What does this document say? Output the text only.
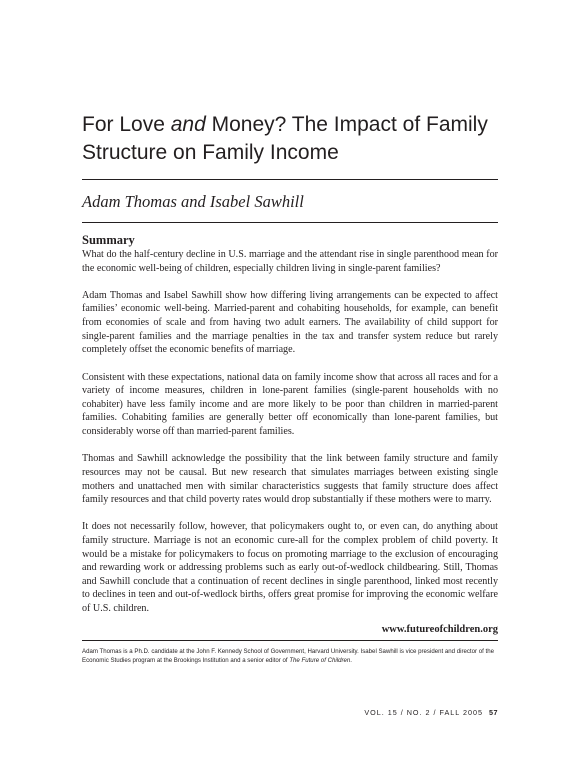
For Love and Money? The Impact of Family Structure on Family Income

Adam Thomas and Isabel Sawhill

Summary

What do the half-century decline in U.S. marriage and the attendant rise in single parenthood mean for the economic well-being of children, especially children living in single-parent families?

Adam Thomas and Isabel Sawhill show how differing living arrangements can be expected to affect families’ economic well-being. Married-parent and cohabiting households, for example, can benefit from economies of scale and from having two adult earners. The availability of child support for single-parent families and the marriage penalties in the tax and transfer system reduce but rarely completely offset the economic benefits of marriage.

Consistent with these expectations, national data on family income show that across all races and for a variety of income measures, children in lone-parent families (single-parent households with no cohabiter) have less family income and are more likely to be poor than children in married-parent families. Cohabiting families are generally better off economically than lone-parent families, but considerably worse off than married-parent families.

Thomas and Sawhill acknowledge the possibility that the link between family structure and family resources may not be causal. But new research that simulates marriages between existing single mothers and unattached men with similar characteristics suggests that family structure does affect family resources and that child poverty rates would drop substantially if these mothers were to marry.

It does not necessarily follow, however, that policymakers ought to, or even can, do anything about family structure. Marriage is not an economic cure-all for the complex problem of child poverty. It would be a mistake for policymakers to focus on promoting marriage to the exclusion of encouraging and rewarding work or addressing problems such as early out-of-wedlock childbearing. Still, Thomas and Sawhill conclude that a continuation of recent declines in single parenthood, linked most recently to declines in teen and out-of-wedlock births, offers great promise for improving the economic welfare of U.S. children.

www.futureofchildren.org

Adam Thomas is a Ph.D. candidate at the John F. Kennedy School of Government, Harvard University. Isabel Sawhill is vice president and director of the Economic Studies program at the Brookings Institution and a senior editor of The Future of Children.

VOL. 15 / NO. 2 / FALL 2005 57
